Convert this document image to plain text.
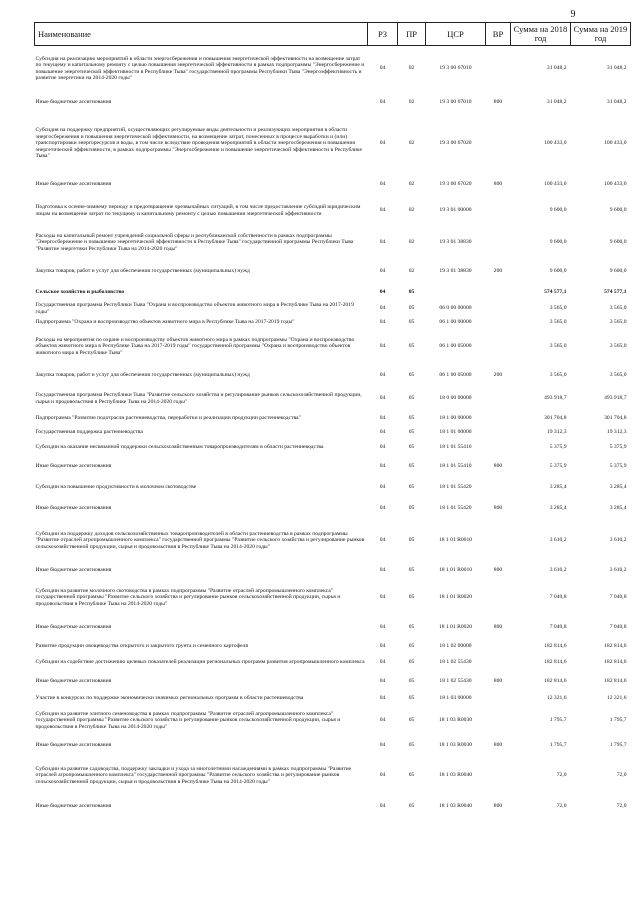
9
Наименование	РЗ	ПР	ЦСР	ВР	Сумма на 2018 год	Сумма на 2019 год
Субсидия на реализацию мероприятий в области энергосбережения и повышения энергетической эффективности на возмещение затрат по текущему и капитальному ремонту с целью повышения энергетической эффективности в рамках подпрограммы "Энергосбережение и повышение энергетической эффективности в Республике Тыва" государственной программы Республики Тыва "Энергоэффективность и развитие энергетики на 2014-2020 годы"	04	02	19 3 00 67010		31 048,2	31 048,2
Иные бюджетные ассигнования	04	02	19 3 00 67010	800	31 048,2	31 048,2
Субсидия на поддержку предприятий, осуществляющих регулируемые виды деятельности и реализующих мероприятия в области энергосбережения и повышения энергетической эффективности, на возмещение затрат, понесенных в процессе выработки и (или) транспортировки энергоресурсов и воды, в том числе вследствие проведения мероприятий в области энергосбережения и повышения энергетической эффективности, в рамках подпрограммы "Энергосбережение и повышение энергетической эффективности в Республике Тыва"	04	02	19 3 00 67020		100 433,0	100 433,0
Иные бюджетные ассигнования	04	02	19 3 00 67020	800	100 433,0	100 433,0
Подготовка к осенне-зимнему периоду и предотвращение чрезвычайных ситуаций, в том числе предоставление субсидий юридическим лицам на возмещение затрат по текущему и капитальному ремонту с целью повышения энергетической эффективности	04	02	19 3 01 00000		9 600,0	9 600,0
Расходы на капитальный ремонт учреждений социальной сферы и республиканской собственности в рамках подпрограммы "Энергосбережение и повышение энергетической эффективности в Республике Тыва" государственной программы Республики Тыва "Развитие энергетики Республики Тыва на 2014-2020 годы"	04	02	19 3 01 38830		9 600,0	9 600,0
Закупка товаров, работ и услуг для обеспечения государственных (муниципальных) нужд	04	02	19 3 01 38830	200	9 600,0	9 600,0
Сельское хозяйство и рыболовство	04	05			574 577,1	574 577,1
Государственная программа Республики Тыва "Охрана и воспроизводство объектов животного мира в Республике Тыва на 2017-2019 годы"	04	05	06 0 00 00000		3 565,0	3 565,0
Подпрограмма "Охрана и воспроизводство объектов животного мира в Республике Тыва на 2017-2019 годы"	04	05	06 1 00 00000		3 565,0	3 565,0
Расходы на мероприятия по охране и воспроизводству объектов животного мира в рамках подпрограммы "Охрана и воспроизводство объектов животного мира в Республике Тыва на 2017-2019 годы" государственной программы "Охрана и воспроизводство объектов животного мира в Республике Тыва"	04	05	06 1 00 05000		3 565,0	3 565,0
Закупка товаров, работ и услуг для обеспечения государственных (муниципальных) нужд	04	05	06 1 00 05000	200	3 565,0	3 565,0
Государственная программа Республики Тыва "Развитие сельского хозяйства и регулирование рынков сельскохозяйственной продукции, сырья и продовольствия в Республике Тыва на 2014-2020 годы"	04	05	18 0 00 00000		493 918,7	493 918,7
Подпрограмма "Развитие подотрасли растениеводства, переработки и реализации продукции растениеводства"	04	05	18 1 00 00000		301 704,8	301 704,8
Государственная поддержка растениеводства	04	05	18 1 01 00000		19 312,3	19 312,3
Субсидии на оказание несвязанной поддержки сельскохозяйственным товаропроизводителям в области растениеводства	04	05	18 1 01 55410		5 375,9	5 375,9
Иные бюджетные ассигнования	04	05	18 1 01 55410	800	5 375,9	5 375,9
Субсидии на повышение продуктивности в молочном скотоводстве	04	05	18 1 01 55420		3 285,4	3 285,4
Иные бюджетные ассигнования	04	05	18 1 01 55420	800	3 285,4	3 285,4
Субсидии на поддержку доходов сельскохозяйственных товаропроизводителей в области растениеводства в рамках подпрограммы "Развитие отраслей агропромышленного комплекса" государственной программы "Развитие сельского хозяйства и регулирование рынков сельскохозяйственной продукции, сырья и продовольствия в Республике Тыва на 2014-2020 годы"	04	05	18 1 01 R0010		3 610,2	3 610,2
Иные бюджетные ассигнования	04	05	18 1 01 R0010	800	3 610,2	3 610,2
Субсидии на развитие молочного скотоводства в рамках подпрограммы "Развитие отраслей агропромышленного комплекса" государственной программы "Развитие сельского хозяйства и регулирование рынков сельскохозяйственной продукции, сырья и продовольствия в Республике Тыва на 2014-2020 годы"	04	05	18 1 01 R0020		7 040,8	7 040,8
Иные бюджетные ассигнования	04	05	18 1 01 R0020	800	7 040,8	7 040,8
Развитие продукции овощеводства открытого и закрытого грунта и семенного картофеля	04	05	18 1 02 00000		182 814,6	182 814,6
Субсидии на содействие достижению целевых показателей реализации региональных программ развития агропромышленного комплекса	04	05	18 1 02 55430		182 814,6	182 814,6
Иные бюджетные ассигнования	04	05	18 1 02 55430	800	182 814,6	182 814,6
Участие в конкурсах по поддержке экономически значимых региональных программ в области растениеводства	04	05	18 1 03 00000		12 321,6	12 321,6
Субсидии на развитие элитного семеноводства в рамках подпрограммы "Развитие отраслей агропромышленного комплекса" государственной программы "Развитие сельского хозяйства и регулирование рынков сельскохозяйственной продукции, сырья и продовольствия в Республике Тыва на 2014-2020 годы"	04	05	18 1 03 R0030		1 795,7	1 795,7
Иные бюджетные ассигнования	04	05	18 1 03 R0030	800	1 795,7	1 795,7
Субсидии на развитие садоводства, поддержку закладки и ухода за многолетними насаждениями в рамках подпрограммы "Развитие отраслей агропромышленного комплекса" государственной программы "Развитие сельского хозяйства и регулирование рынков сельскохозяйственной продукции, сырья и продовольствия в Республике Тыва на 2014-2020 годы"	04	05	18 1 03 R0040		72,0	72,0
Иные бюджетные ассигнования	04	05	18 1 03 R0040	800	72,0	72,0
